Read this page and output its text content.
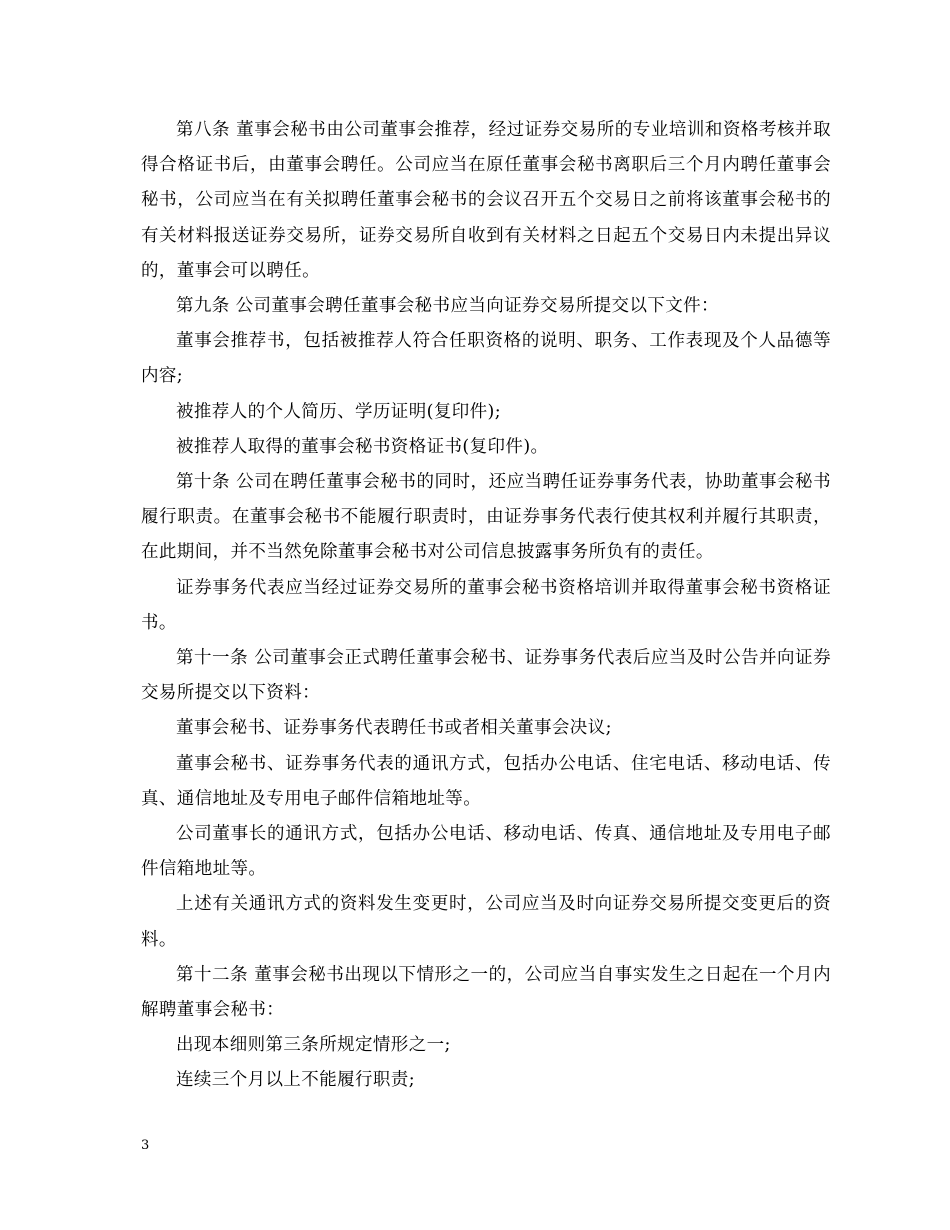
第八条 董事会秘书由公司董事会推荐，经过证券交易所的专业培训和资格考核并取得合格证书后，由董事会聘任。公司应当在原任董事会秘书离职后三个月内聘任董事会秘书，公司应当在有关拟聘任董事会秘书的会议召开五个交易日之前将该董事会秘书的有关材料报送证券交易所，证券交易所自收到有关材料之日起五个交易日内未提出异议的，董事会可以聘任。

第九条 公司董事会聘任董事会秘书应当向证券交易所提交以下文件：

董事会推荐书，包括被推荐人符合任职资格的说明、职务、工作表现及个人品德等内容;

被推荐人的个人简历、学历证明(复印件);

被推荐人取得的董事会秘书资格证书(复印件)。

第十条 公司在聘任董事会秘书的同时，还应当聘任证券事务代表，协助董事会秘书履行职责。在董事会秘书不能履行职责时，由证券事务代表行使其权利并履行其职责，在此期间，并不当然免除董事会秘书对公司信息披露事务所负有的责任。

证券事务代表应当经过证券交易所的董事会秘书资格培训并取得董事会秘书资格证书。

第十一条 公司董事会正式聘任董事会秘书、证券事务代表后应当及时公告并向证券交易所提交以下资料：

董事会秘书、证券事务代表聘任书或者相关董事会决议;

董事会秘书、证券事务代表的通讯方式，包括办公电话、住宅电话、移动电话、传真、通信地址及专用电子邮件信箱地址等。

公司董事长的通讯方式，包括办公电话、移动电话、传真、通信地址及专用电子邮件信箱地址等。

上述有关通讯方式的资料发生变更时，公司应当及时向证券交易所提交变更后的资料。

第十二条 董事会秘书出现以下情形之一的，公司应当自事实发生之日起在一个月内解聘董事会秘书：

出现本细则第三条所规定情形之一;

连续三个月以上不能履行职责;

3
